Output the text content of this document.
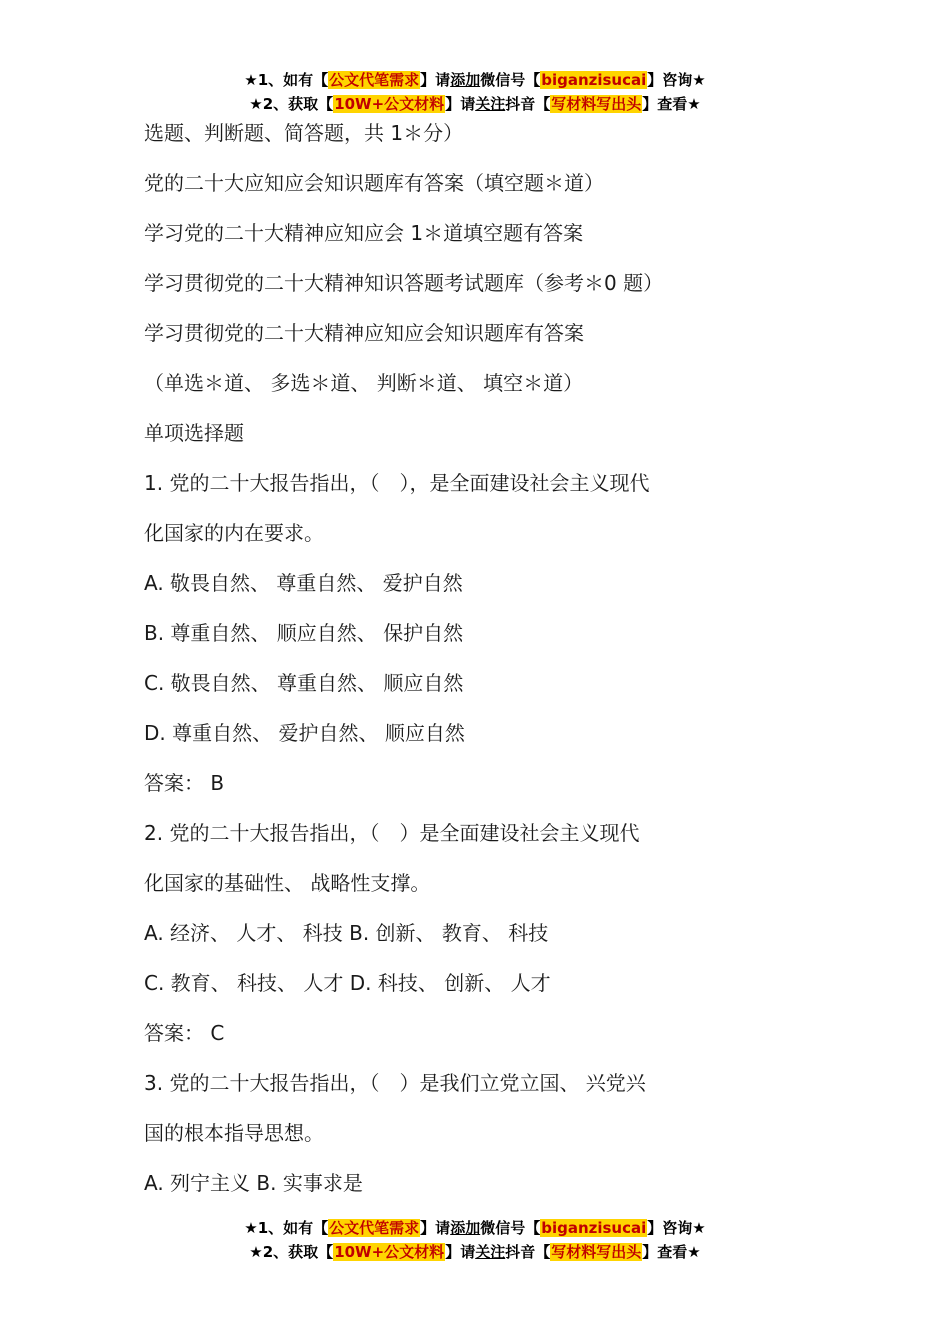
★1、如有【公文代笔需求】请添加微信号【biganzisucai】咨询★
★2、获取【10W+公文材料】请关注抖音【写材料写出头】查看★
选题、判断题、简答题，共 1＊分）
党的二十大应知应会知识题库有答案（填空题＊道）
学习党的二十大精神应知应会 1＊道填空题有答案
学习贯彻党的二十大精神知识答题考试题库（参考＊0 题）
学习贯彻党的二十大精神应知应会知识题库有答案
（单选＊道、 多选＊道、 判断＊道、 填空＊道）
单项选择题
1. 党的二十大报告指出，（　），是全面建设社会主义现代
化国家的内在要求。
A. 敬畏自然、 尊重自然、 爱护自然
B. 尊重自然、 顺应自然、 保护自然
C. 敬畏自然、 尊重自然、 顺应自然
D. 尊重自然、 爱护自然、 顺应自然
答案： B
2. 党的二十大报告指出，（　）是全面建设社会主义现代
化国家的基础性、 战略性支撑。
A. 经济、 人才、 科技 B. 创新、 教育、 科技
C. 教育、 科技、 人才 D. 科技、 创新、 人才
答案： C
3. 党的二十大报告指出，（　）是我们立党立国、 兴党兴
国的根本指导思想。
A. 列宁主义 B. 实事求是
★1、如有【公文代笔需求】请添加微信号【biganzisucai】咨询★
★2、获取【10W+公文材料】请关注抖音【写材料写出头】查看★
